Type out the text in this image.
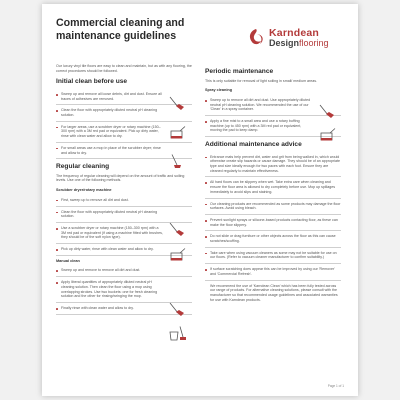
Commercial cleaning and maintenance guidelines	Karndean
Designflooring

Our luxury vinyl tile floors are easy to clean and maintain, but as with any flooring, the correct procedures should be followed.

Initial clean before use
Sweep up and remove all loose debris, dirt and dust. Ensure all traces of adhesives are removed.
Clean the floor with appropriately diluted neutral pH cleaning solution.
For larger areas, use a scrubber dryer or rotary machine (150–300 rpm) with a 3M red pad or equivalent. Pick up dirty water, rinse with clean water and allow to dry.
For small areas use a mop in place of the scrubber dryer; rinse and allow to dry.
Regular cleaning

The frequency of regular cleaning will depend on the amount of traffic and soiling levels. Use one of the following methods.

Scrubber dryer/rotary machine
First, sweep up to remove all dirt and dust.
Clean the floor with appropriately diluted neutral pH cleaning solution.
Use a scrubber dryer or rotary machine (150–300 rpm) with a 3M red pad or equivalent (if using a machine fitted with brushes, they should be of the soft nylon type).
Pick up dirty water, rinse with clean water and allow to dry.
Manual clean
Sweep up and remove to remove all dirt and dust.
Apply liberal quantities of appropriately diluted neutral pH cleaning solution. Then clean the floor using a mop using overlapping strokes. Use two buckets: one for fresh cleaning solution and the other for rinsing/wringing the mop.
Finally rinse with clean water and allow to dry.
Periodic maintenance

This is only suitable for removal of light soiling in small/ medium areas.

Spray cleaning
Sweep up to remove all dirt and dust. Use appropriately diluted neutral pH cleaning solution. We recommended the use of our 'Clean' in a spray container.
Apply a fine mist to a small area and use a rotary buffing machine (up to 450 rpm) with a 3M red pad or equivalent, moving the pad to keep damp.
Additional maintenance advice
Entrance mats help prevent dirt, water and grit from being walked in, which would otherwise create slip hazards or cause damage. They should be of an appropriate type and size ideally enough for two paces with each foot. Ensure they are cleaned regularly to maintain effectiveness.
All hard floors can be slippery when wet. Take extra care when cleaning and ensure the floor area is allowed to dry completely before use. Mop up spillages immediately to avoid slips and staining.
Our cleaning products are recommended as some products may damage the floor surfaces. Avoid using bleach.
Prevent sunlight sprays or silicone-based products contacting floor, as these can make the floor slippery.
Do not slide or drag furniture or other objects across the floor as this can cause scratches/scuffing.
Take care when using vacuum cleaners as some may not be suitable for use on our floors. (Refer to vacuum cleaner manufacturer to confirm suitability.)
If surface scratching does appear this can be improved by using our 'Remover' and 'Commercial Refresh'.

We recommend the use of 'Karndean Clean' which has been fully tested across our range of products. For alternative cleaning solutions, please consult with the manufacturer so that recommended usage guidelines and associated warranties for use with Karndean products.

Page 1 of 1
